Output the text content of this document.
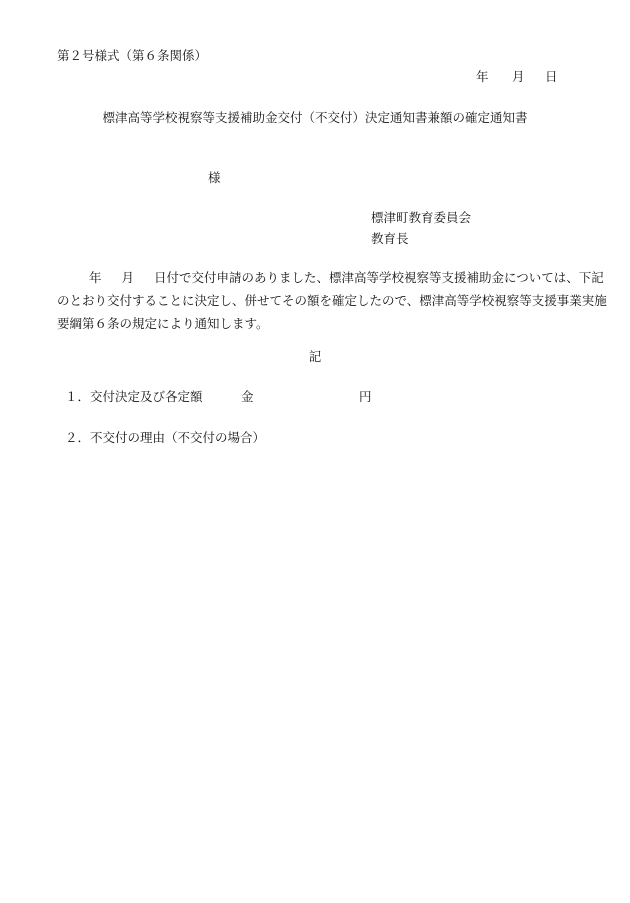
第２号様式（第６条関係）
年 月 日
標津高等学校視察等支援補助金交付（不交付）決定通知書兼額の確定通知書
様
標津町教育委員会
教育長
年 月 日付で交付申請のありました、標津高等学校視察等支援補助金については、下記
のとおり交付することに決定し、併せてその額を確定したので、標津高等学校視察等支援事業実施
要綱第６条の規定により通知します。
記
１．交付決定及び各定額	金	円
２．不交付の理由（不交付の場合）
